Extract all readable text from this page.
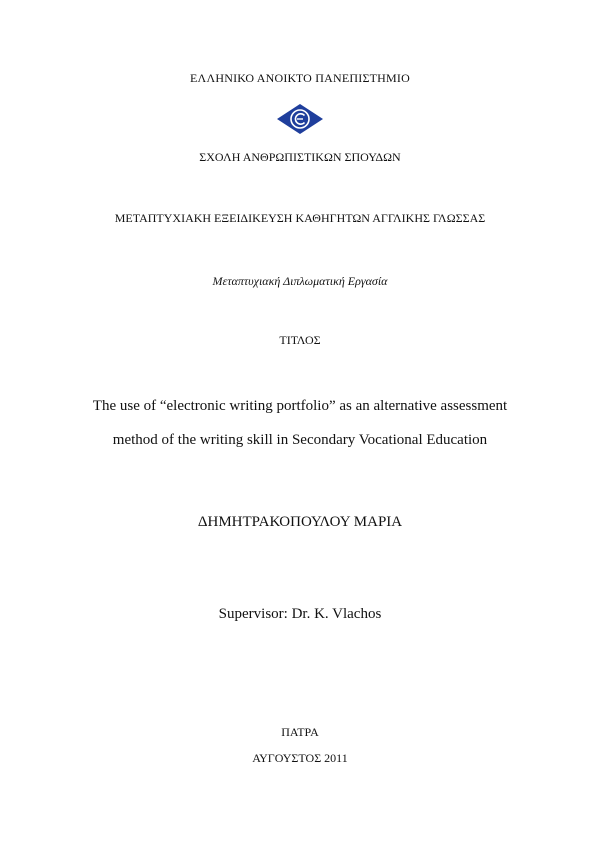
ΕΛΛΗΝΙΚΟ ΑΝΟΙΚΤΟ ΠΑΝΕΠΙΣΤΗΜΙΟ
ΣΧΟΛΗ ΑΝΘΡΩΠΙΣΤΙΚΩΝ ΣΠΟΥΔΩΝ
ΜΕΤΑΠΤΥΧΙΑΚΗ ΕΞΕΙΔΙΚΕΥΣΗ ΚΑΘΗΓΗΤΩΝ ΑΓΓΛΙΚΗΣ ΓΛΩΣΣΑΣ
Μεταπτυχιακή Διπλωματική Εργασία
ΤΙΤΛΟΣ
The use of “electronic writing portfolio” as an alternative assessment
method of the writing skill in Secondary Vocational Education
ΔΗΜΗΤΡΑΚΟΠΟΥΛΟΥ ΜΑΡΙΑ
Supervisor: Dr. K. Vlachos
ΠΑΤΡΑ
ΑΥΓΟΥΣΤΟΣ 2011
